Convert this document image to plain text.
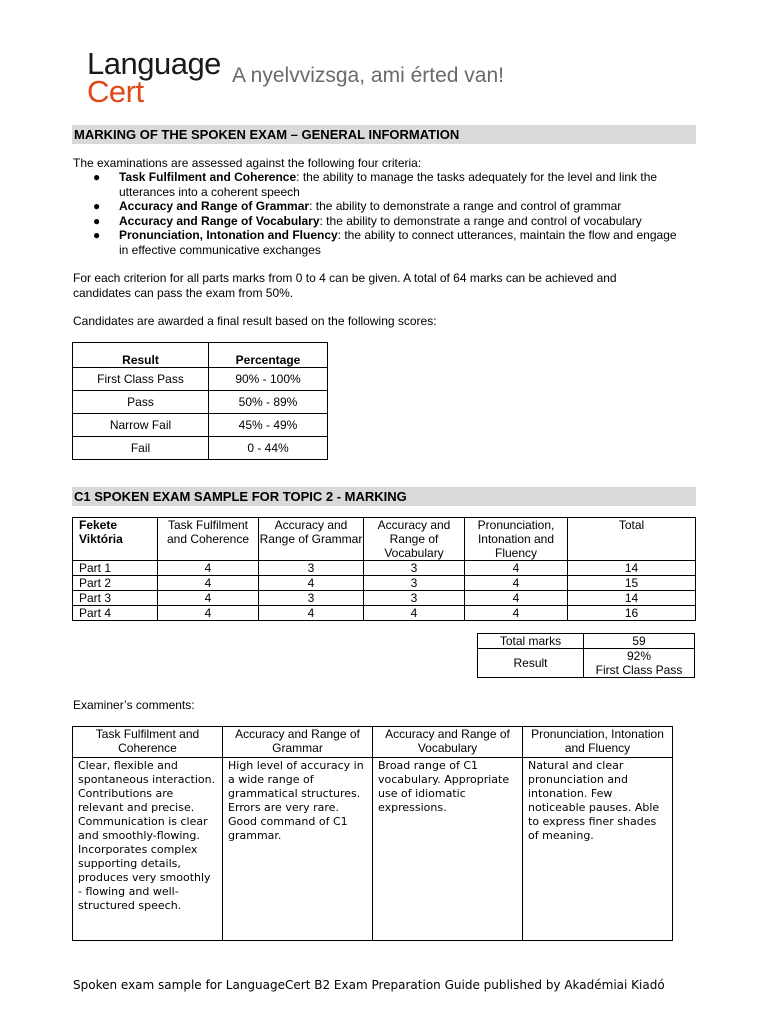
Language
Cert	A nyelvvizsga, ami érted van!
MARKING OF THE SPOKEN EXAM – GENERAL INFORMATION
The examinations are assessed against the following four criteria:
● Task Fulfilment and Coherence: the ability to manage the tasks adequately for the level and link the utterances into a coherent speech
● Accuracy and Range of Grammar: the ability to demonstrate a range and control of grammar
● Accuracy and Range of Vocabulary: the ability to demonstrate a range and control of vocabulary
● Pronunciation, Intonation and Fluency: the ability to connect utterances, maintain the flow and engage in effective communicative exchanges
For each criterion for all parts marks from 0 to 4 can be given. A total of 64 marks can be achieved and candidates can pass the exam from 50%.
Candidates are awarded a final result based on the following scores:
Result	Percentage
First Class Pass	90% - 100%
Pass	50% - 89%
Narrow Fail	45% - 49%
Fail	0 - 44%
C1 SPOKEN EXAM SAMPLE FOR TOPIC 2 - MARKING
Fekete Viktória	Task Fulfilment and Coherence	Accuracy and Range of Grammar	Accuracy and Range of Vocabulary	Pronunciation, Intonation and Fluency	Total
Part 1	4	3	3	4	14
Part 2	4	4	3	4	15
Part 3	4	3	3	4	14
Part 4	4	4	4	4	16
Total marks	59
Result	92%
First Class Pass
Examiner’s comments:
Task Fulfilment and Coherence	Accuracy and Range of Grammar	Accuracy and Range of Vocabulary	Pronunciation, Intonation and Fluency
Clear, flexible and spontaneous interaction. Contributions are relevant and precise. Communication is clear and smoothly-flowing. Incorporates complex supporting details, produces very smoothly - flowing and well-structured speech.	High level of accuracy in a wide range of grammatical structures. Errors are very rare. Good command of C1 grammar.	Broad range of C1 vocabulary. Appropriate use of idiomatic expressions.	Natural and clear pronunciation and intonation. Few noticeable pauses. Able to express finer shades of meaning.
Spoken exam sample for LanguageCert B2 Exam Preparation Guide published by Akadémiai Kiadó
